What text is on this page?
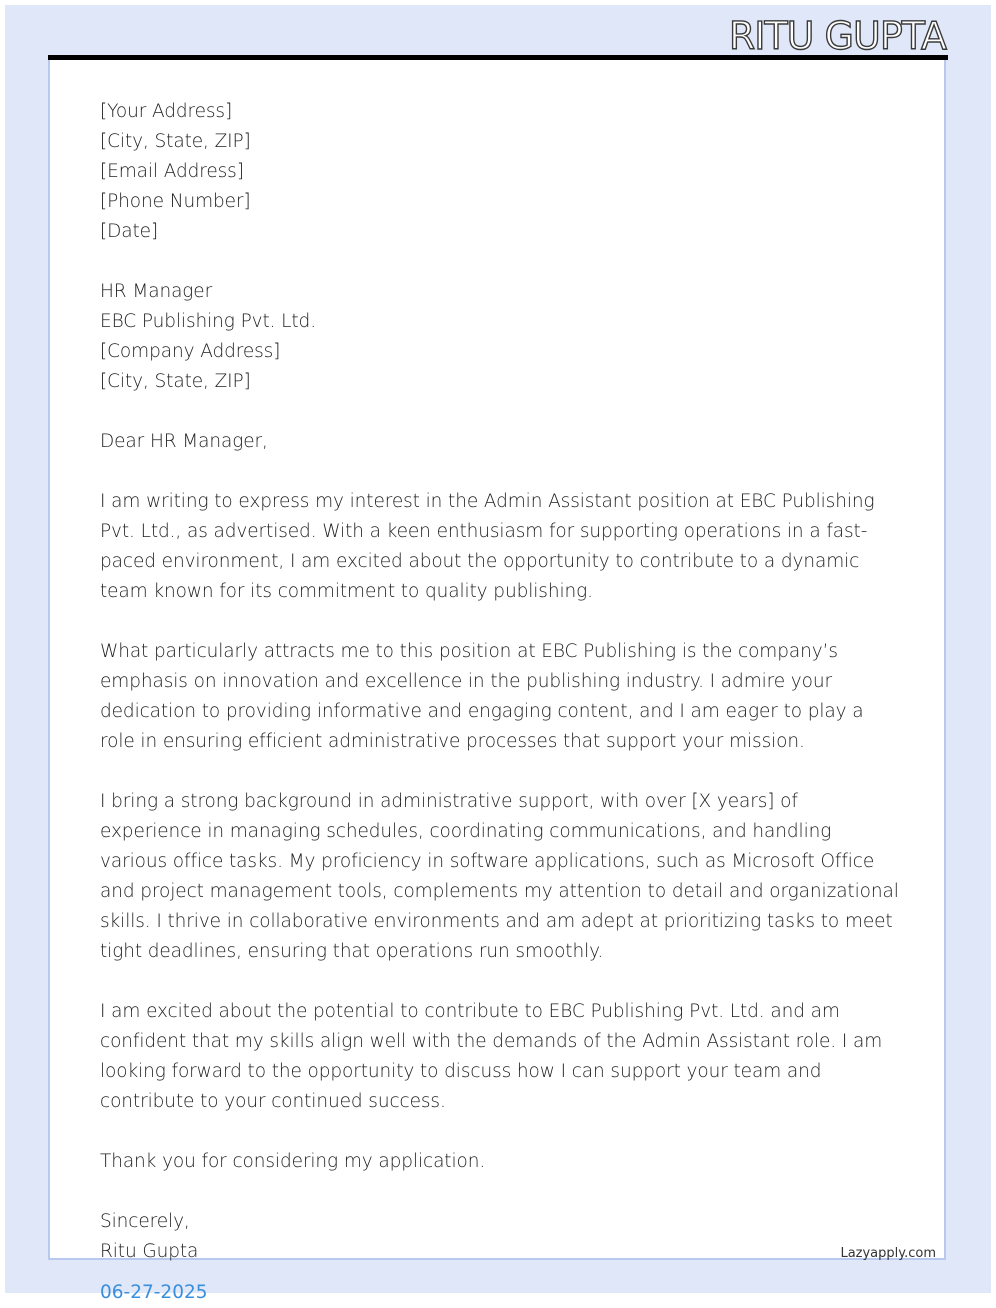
RITU GUPTA
[Your Address]
[City, State, ZIP]
[Email Address]
[Phone Number]
[Date]
HR Manager
EBC Publishing Pvt. Ltd.
[Company Address]
[City, State, ZIP]
Dear HR Manager,

I am writing to express my interest in the Admin Assistant position at EBC Publishing Pvt. Ltd., as advertised. With a keen enthusiasm for supporting operations in a fast-paced environment, I am excited about the opportunity to contribute to a dynamic team known for its commitment to quality publishing.

What particularly attracts me to this position at EBC Publishing is the company’s emphasis on innovation and excellence in the publishing industry. I admire your dedication to providing informative and engaging content, and I am eager to play a role in ensuring efficient administrative processes that support your mission.

I bring a strong background in administrative support, with over [X years] of experience in managing schedules, coordinating communications, and handling various office tasks. My proficiency in software applications, such as Microsoft Office and project management tools, complements my attention to detail and organizational skills. I thrive in collaborative environments and am adept at prioritizing tasks to meet tight deadlines, ensuring that operations run smoothly.

I am excited about the potential to contribute to EBC Publishing Pvt. Ltd. and am confident that my skills align well with the demands of the Admin Assistant role. I am looking forward to the opportunity to discuss how I can support your team and contribute to your continued success.

Thank you for considering my application.

Sincerely,
Ritu Gupta	Lazyapply.com
06-27-2025
